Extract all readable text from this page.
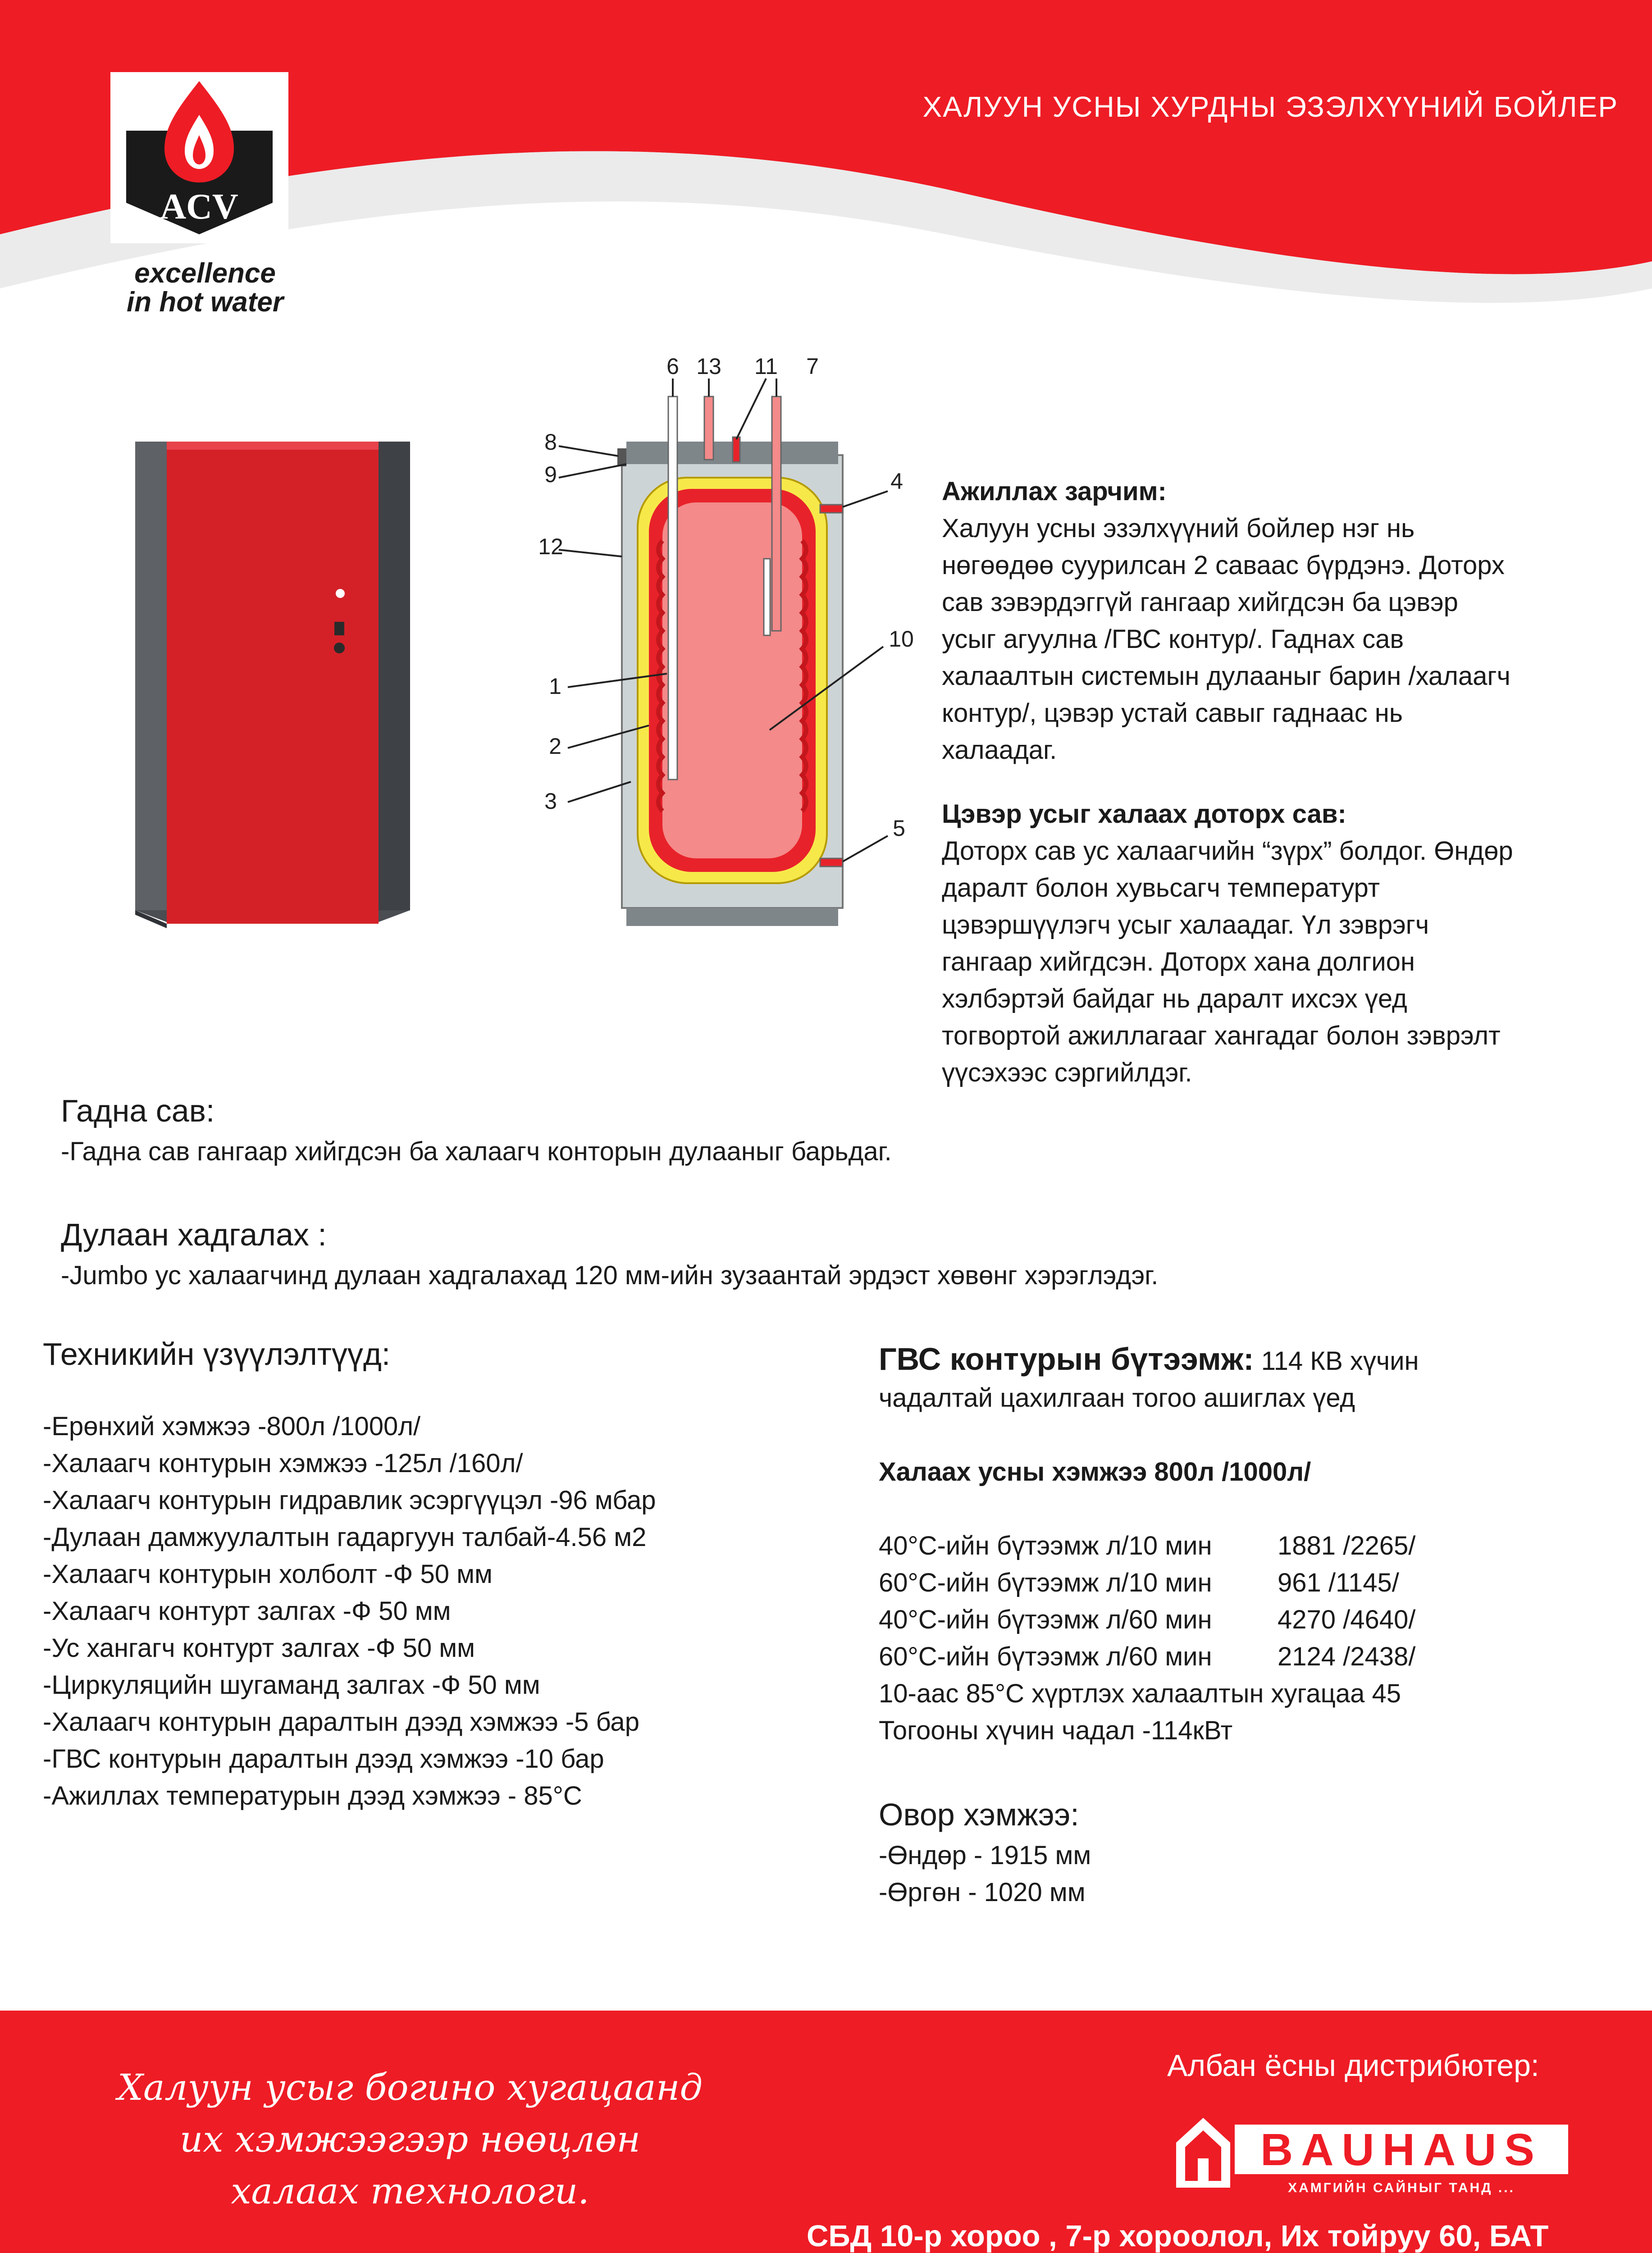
ХАЛУУН УСНЫ ХУРДНЫ ЭЗЭЛХҮҮНИЙ БОЙЛЕР
ACV
excellence
in hot water
6 13 11 7
8
9	4
12
10
1
2
3
5
Ажиллах зарчим:
Халуун усны эзэлхүүний бойлер нэг нь
нөгөөдөө суурилсан 2 саваас бүрдэнэ. Доторх
сав зэвэрдэггүй гангаар хийгдсэн ба цэвэр
усыг агуулна /ГВС контур/. Гаднах сав
халаалтын системын дулааныг барин /халаагч
контур/, цэвэр устай савыг гаднаас нь
халаадаг.
Цэвэр усыг халаах доторх сав:
Доторх сав ус халаагчийн “зүрх” болдог. Өндөр
даралт болон хувьсагч температурт
цэвэршүүлэгч усыг халаадаг. Үл зэврэгч
гангаар хийгдсэн. Доторх хана долгион
хэлбэртэй байдаг нь даралт ихсэх үед
тогвортой ажиллагааг хангадаг болон зэврэлт
үүсэхээс сэргийлдэг.
Гадна сав:
-Гадна сав гангаар хийгдсэн ба халаагч конторын дулааныг барьдаг.
Дулаан хадгалах :
-Jumbo ус халаагчинд дулаан хадгалахад 120 мм-ийн зузаантай эрдэст хөвөнг хэрэглэдэг.
Техникийн үзүүлэлтүүд:
-Ерөнхий хэмжээ -800л /1000л/
-Халаагч контурын хэмжээ -125л /160л/
-Халаагч контурын гидравлик эсэргүүцэл -96 мбар
-Дулаан дамжуулалтын гадаргуун талбай-4.56 м2
-Халаагч контурын холболт -Ф 50 мм
-Халаагч контурт залгах -Ф 50 мм
-Ус хангагч контурт залгах -Ф 50 мм
-Циркуляцийн шугаманд залгах -Ф 50 мм
-Халаагч контурын даралтын дээд хэмжээ -5 бар
-ГВС контурын даралтын дээд хэмжээ -10 бар
-Ажиллах температурын дээд хэмжээ - 85°С
ГВС контурын бүтээмж: 114 КВ хүчин
чадалтай цахилгаан тогоо ашиглах үед
Халаах усны хэмжээ 800л /1000л/
40°С-ийн бүтээмж л/10 мин	1881 /2265/
60°С-ийн бүтээмж л/10 мин	961 /1145/
40°С-ийн бүтээмж л/60 мин	4270 /4640/
60°С-ийн бүтээмж л/60 мин	2124 /2438/
10-аас 85°С хүртлэх халаалтын хугацаа 45
Тогооны хүчин чадал -114кВт
Овор хэмжээ:
-Өндөр - 1915 мм
-Өргөн - 1020 мм
Халуун усыг богино хугацаанд
их хэмжээгээр нөөцлөн
халаах технологи.
Албан ёсны дистрибютер:
BAUHAUS
ХАМГИЙН САЙНЫГ ТАНД ...
СБД 10-р хороо , 7-р хороолол, Их тойруу 60, БАТ
